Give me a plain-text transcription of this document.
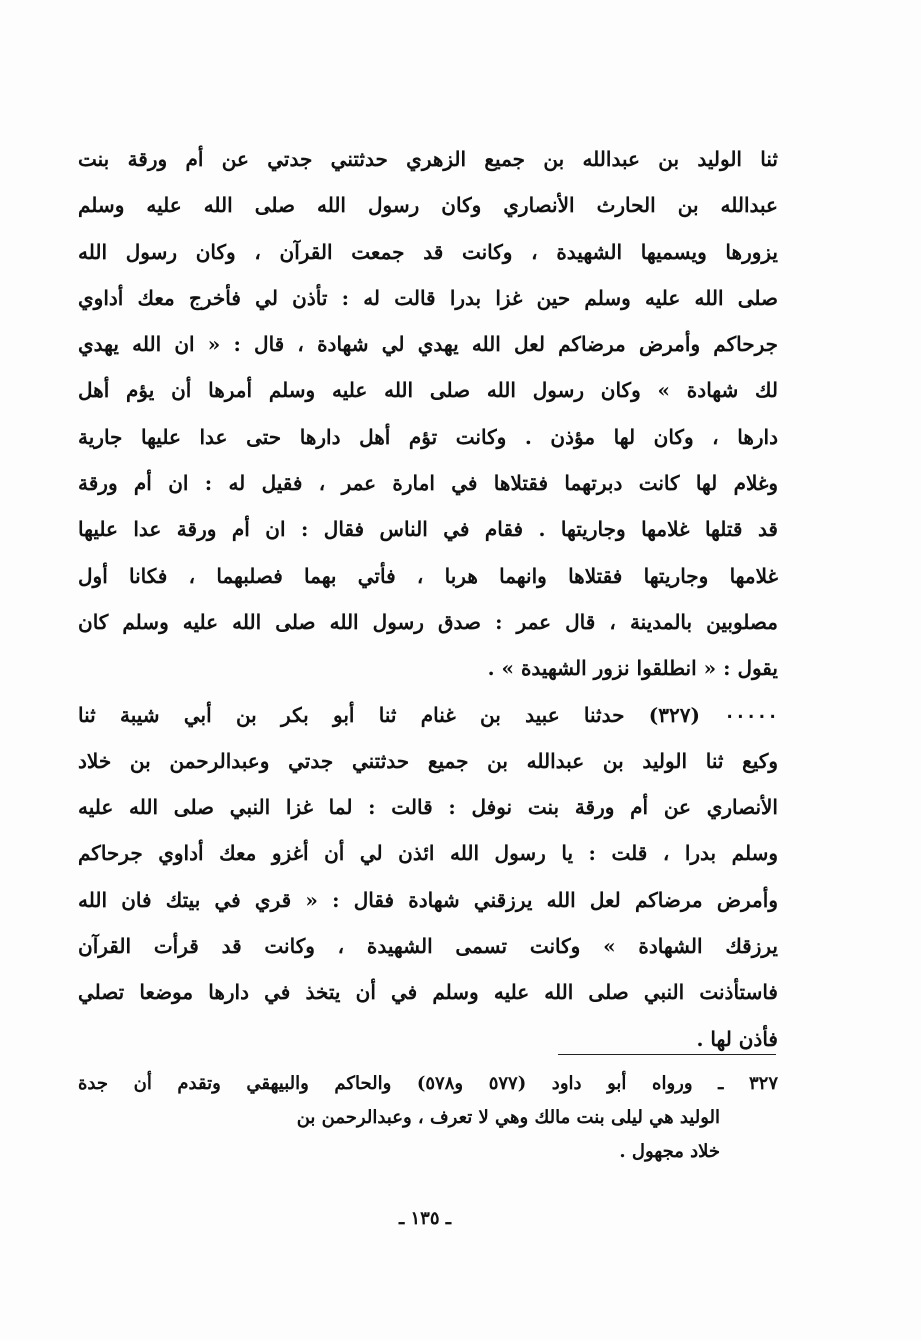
ثنا الوليد بن عبدالله بن جميع الزهري حدثتني جدتي عن أم ورقة بنت
عبدالله بن الحارث الأنصاري وكان رسول الله صلى الله عليه وسلم
يزورها ويسميها الشهيدة ، وكانت قد جمعت القرآن ، وكان رسول الله
صلى الله عليه وسلم حين غزا بدرا قالت له : تأذن لي فأخرج معك أداوي
جرحاكم وأمرض مرضاكم لعل الله يهدي لي شهادة ، قال : « ان الله يهدي
لك شهادة » وكان رسول الله صلى الله عليه وسلم أمرها أن يؤم أهل
دارها ، وكان لها مؤذن . وكانت تؤم أهل دارها حتى عدا عليها جارية
وغلام لها كانت دبرتهما فقتلاها في امارة عمر ، فقيل له : ان أم ورقة
قد قتلها غلامها وجاريتها . فقام في الناس فقال : ان أم ورقة عدا عليها
غلامها وجاريتها فقتلاها وانهما هربا ، فأتي بهما فصلبهما ، فكانا أول
مصلوبين بالمدينة ، قال عمر : صدق رسول الله صلى الله عليه وسلم كان
يقول : « انطلقوا نزور الشهيدة » .
٠٠٠٠٠ (٣٢٧) حدثنا عبيد بن غنام ثنا أبو بكر بن أبي شيبة ثنا
وكيع ثنا الوليد بن عبدالله بن جميع حدثتني جدتي وعبدالرحمن بن خلاد
الأنصاري عن أم ورقة بنت نوفل : قالت : لما غزا النبي صلى الله عليه
وسلم بدرا ، قلت : يا رسول الله ائذن لي أن أغزو معك أداوي جرحاكم
وأمرض مرضاكم لعل الله يرزقني شهادة فقال : « قري في بيتك فان الله
يرزقك الشهادة » وكانت تسمى الشهيدة ، وكانت قد قرأت القرآن
فاستأذنت النبي صلى الله عليه وسلم في أن يتخذ في دارها موضعا تصلي
فأذن لها .
٣٢٧ ـ ورواه أبو داود (٥٧٧ و٥٧٨) والحاكم والبيهقي وتقدم أن جدة
الوليد هي ليلى بنت مالك وهي لا تعرف ، وعبدالرحمن بن
خلاد مجهول .
ـ ١٣٥ ـ
